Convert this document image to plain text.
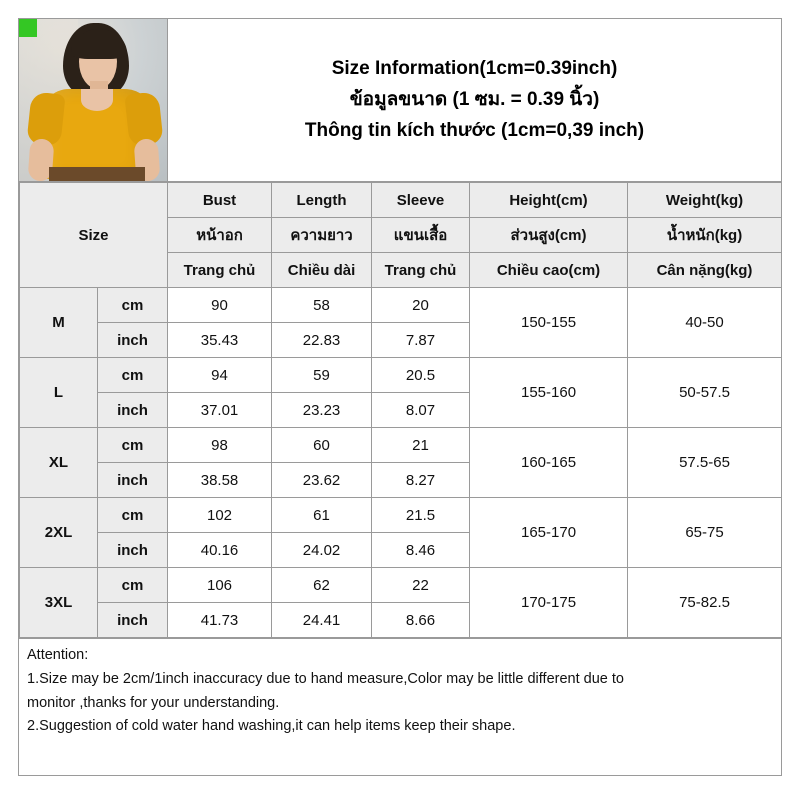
Size Information(1cm=0.39inch)
ข้อมูลขนาด (1 ซม. = 0.39 นิ้ว)
Thông tin kích thước (1cm=0,39 inch)
Size		Bust	Length	Sleeve	Height(cm)	Weight(kg)
		หน้าอก	ความยาว	แขนเสื้อ	ส่วนสูง(cm)	น้ำหนัก(kg)
		Trang chủ	Chiều dài	Trang chủ	Chiều cao(cm)	Cân nặng(kg)
M	cm	90	58	20	150-155	40-50
	inch	35.43	22.83	7.87		
L	cm	94	59	20.5	155-160	50-57.5
	inch	37.01	23.23	8.07		
XL	cm	98	60	21	160-165	57.5-65
	inch	38.58	23.62	8.27		
2XL	cm	102	61	21.5	165-170	65-75
	inch	40.16	24.02	8.46		
3XL	cm	106	62	22	170-175	75-82.5
	inch	41.73	24.41	8.66		

Attention:

1.Size may be 2cm/1inch inaccuracy due to hand measure,Color may be little different due to

monitor ,thanks for your understanding.

2.Suggestion of cold water hand washing,it can help items keep their shape.
